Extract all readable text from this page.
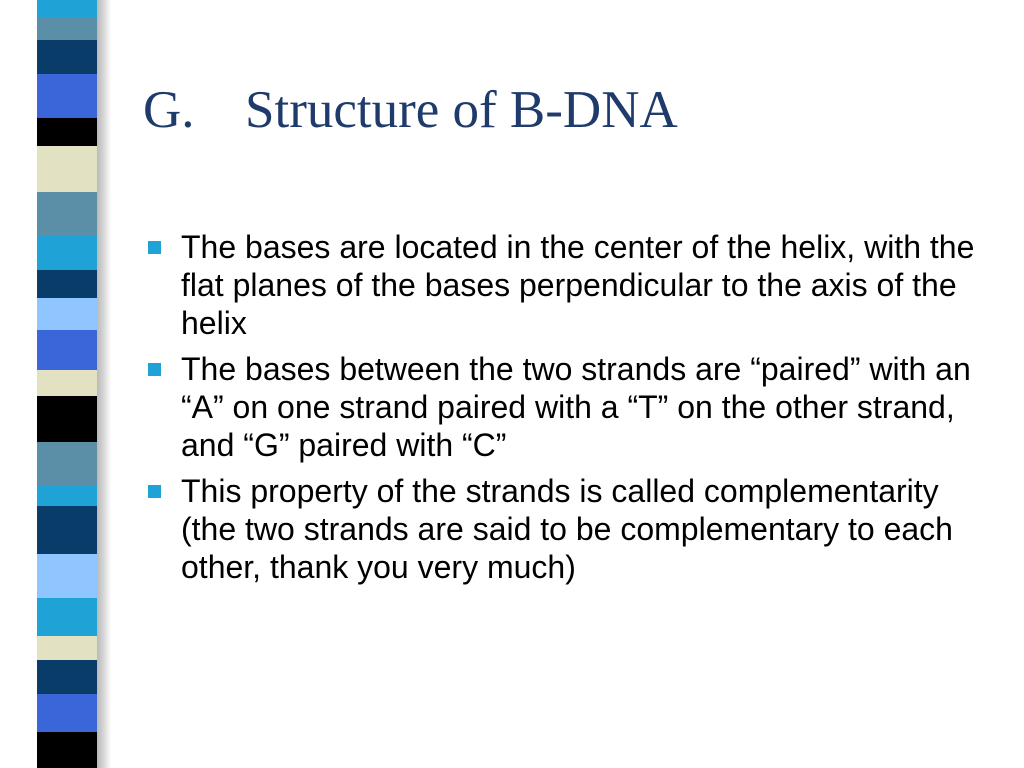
G. Structure of B-DNA
The bases are located in the center of the helix, with the flat planes of the bases perpendicular to the axis of the helix
The bases between the two strands are “paired” with an “A” on one strand paired with a “T” on the other strand, and “G” paired with “C”
This property of the strands is called complementarity (the two strands are said to be complementary to each other, thank you very much)
